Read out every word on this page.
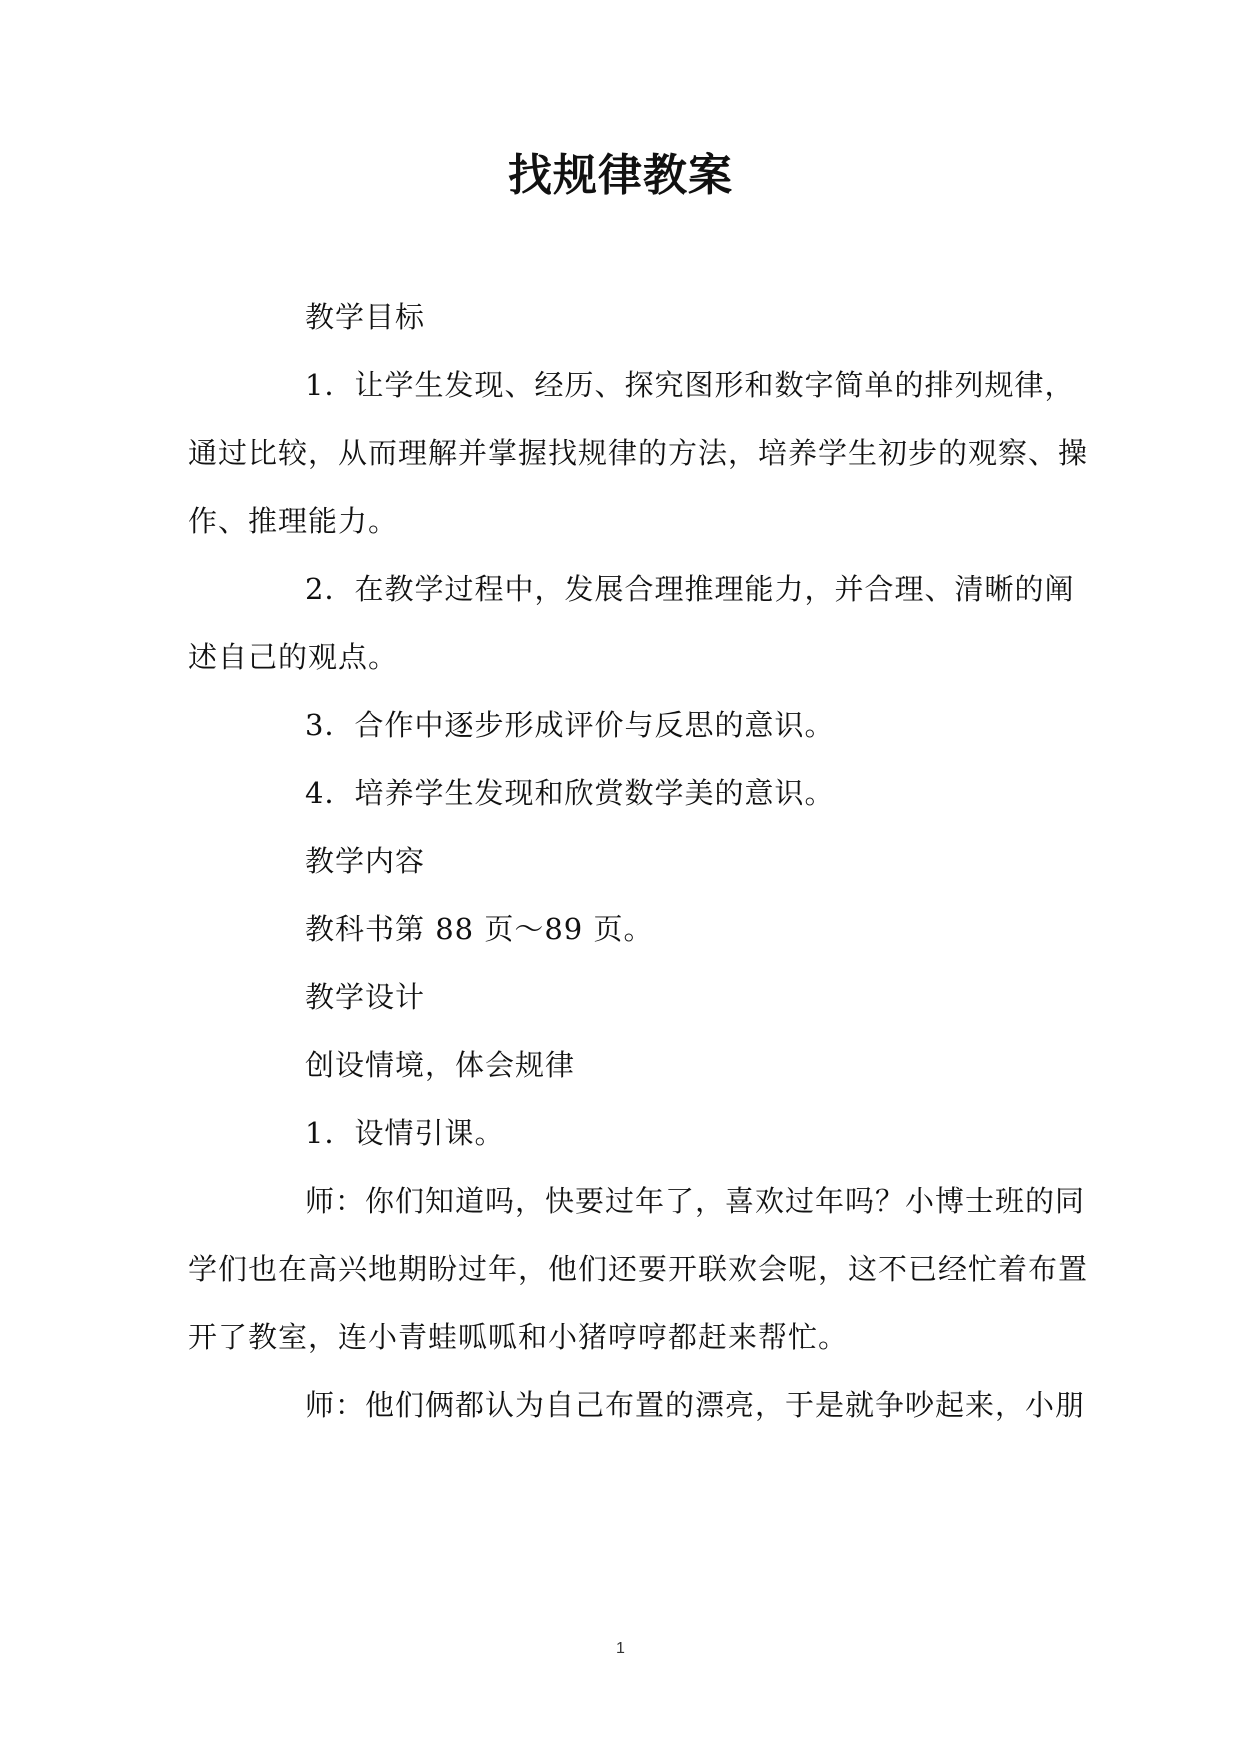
找规律教案
教学目标
1．让学生发现、经历、探究图形和数字简单的排列规律，
通过比较，从而理解并掌握找规律的方法，培养学生初步的观察、操
作、推理能力。
2．在教学过程中，发展合理推理能力，并合理、清晰的阐
述自己的观点。
3．合作中逐步形成评价与反思的意识。
4．培养学生发现和欣赏数学美的意识。
教学内容
教科书第 88 页～89 页。
教学设计
创设情境，体会规律
1．设情引课。
师：你们知道吗，快要过年了，喜欢过年吗？小博士班的同
学们也在高兴地期盼过年，他们还要开联欢会呢，这不已经忙着布置
开了教室，连小青蛙呱呱和小猪哼哼都赶来帮忙。
师：他们俩都认为自己布置的漂亮，于是就争吵起来，小朋
1
